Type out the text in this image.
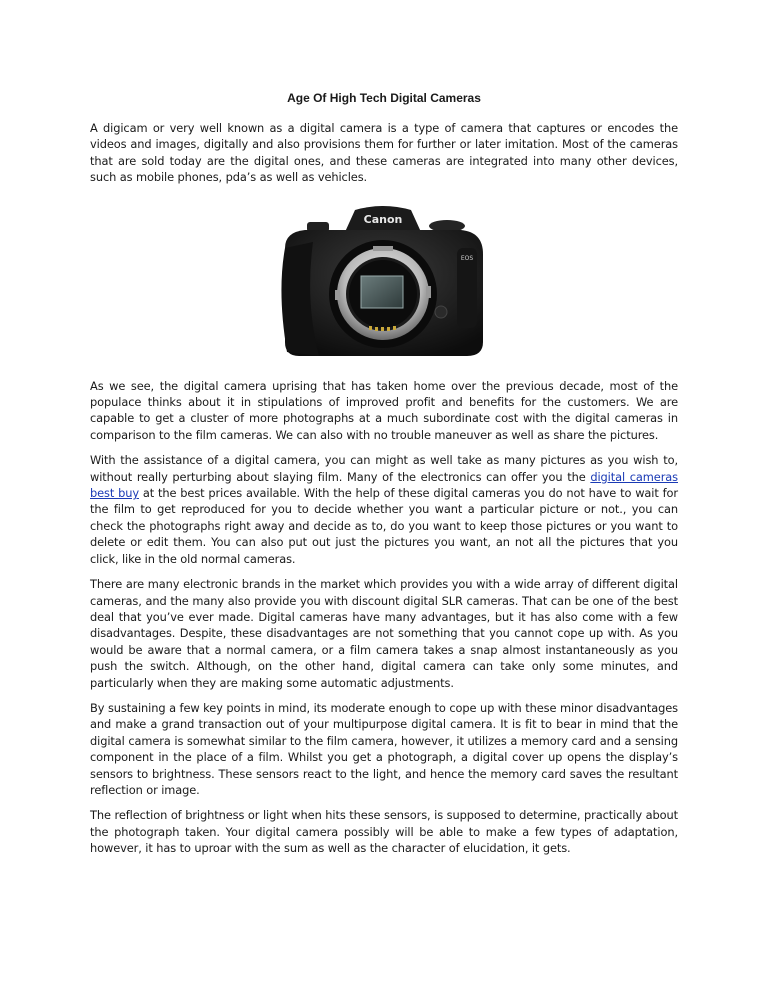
Age Of High Tech Digital Cameras

A digicam or very well known as a digital camera is a type of camera that captures or encodes the videos and images, digitally and also provisions them for further or later imitation. Most of the cameras that are sold today are the digital ones, and these cameras are integrated into many other devices, such as mobile phones, pda’s as well as vehicles.

Canon
EOS

As we see, the digital camera uprising that has taken home over the previous decade, most of the populace thinks about it in stipulations of improved profit and benefits for the customers. We are capable to get a cluster of more photographs at a much subordinate cost with the digital cameras in comparison to the film cameras. We can also with no trouble maneuver as well as share the pictures.

With the assistance of a digital camera, you can might as well take as many pictures as you wish to, without really perturbing about slaying film. Many of the electronics can offer you the digital cameras best buy at the best prices available. With the help of these digital cameras you do not have to wait for the film to get reproduced for you to decide whether you want a particular picture or not., you can check the photographs right away and decide as to, do you want to keep those pictures or you want to delete or edit them. You can also put out just the pictures you want, an not all the pictures that you click, like in the old normal cameras.

There are many electronic brands in the market which provides you with a wide array of different digital cameras, and the many also provide you with discount digital SLR cameras. That can be one of the best deal that you’ve ever made. Digital cameras have many advantages, but it has also come with a few disadvantages. Despite, these disadvantages are not something that you cannot cope up with. As you would be aware that a normal camera, or a film camera takes a snap almost instantaneously as you push the switch. Although, on the other hand, digital camera can take only some minutes, and particularly when they are making some automatic adjustments.

By sustaining a few key points in mind, its moderate enough to cope up with these minor disadvantages and make a grand transaction out of your multipurpose digital camera. It is fit to bear in mind that the digital camera is somewhat similar to the film camera, however, it utilizes a memory card and a sensing component in the place of a film. Whilst you get a photograph, a digital cover up opens the display’s sensors to brightness. These sensors react to the light, and hence the memory card saves the resultant reflection or image.

The reflection of brightness or light when hits these sensors, is supposed to determine, practically about the photograph taken. Your digital camera possibly will be able to make a few types of adaptation, however, it has to uproar with the sum as well as the character of elucidation, it gets.
